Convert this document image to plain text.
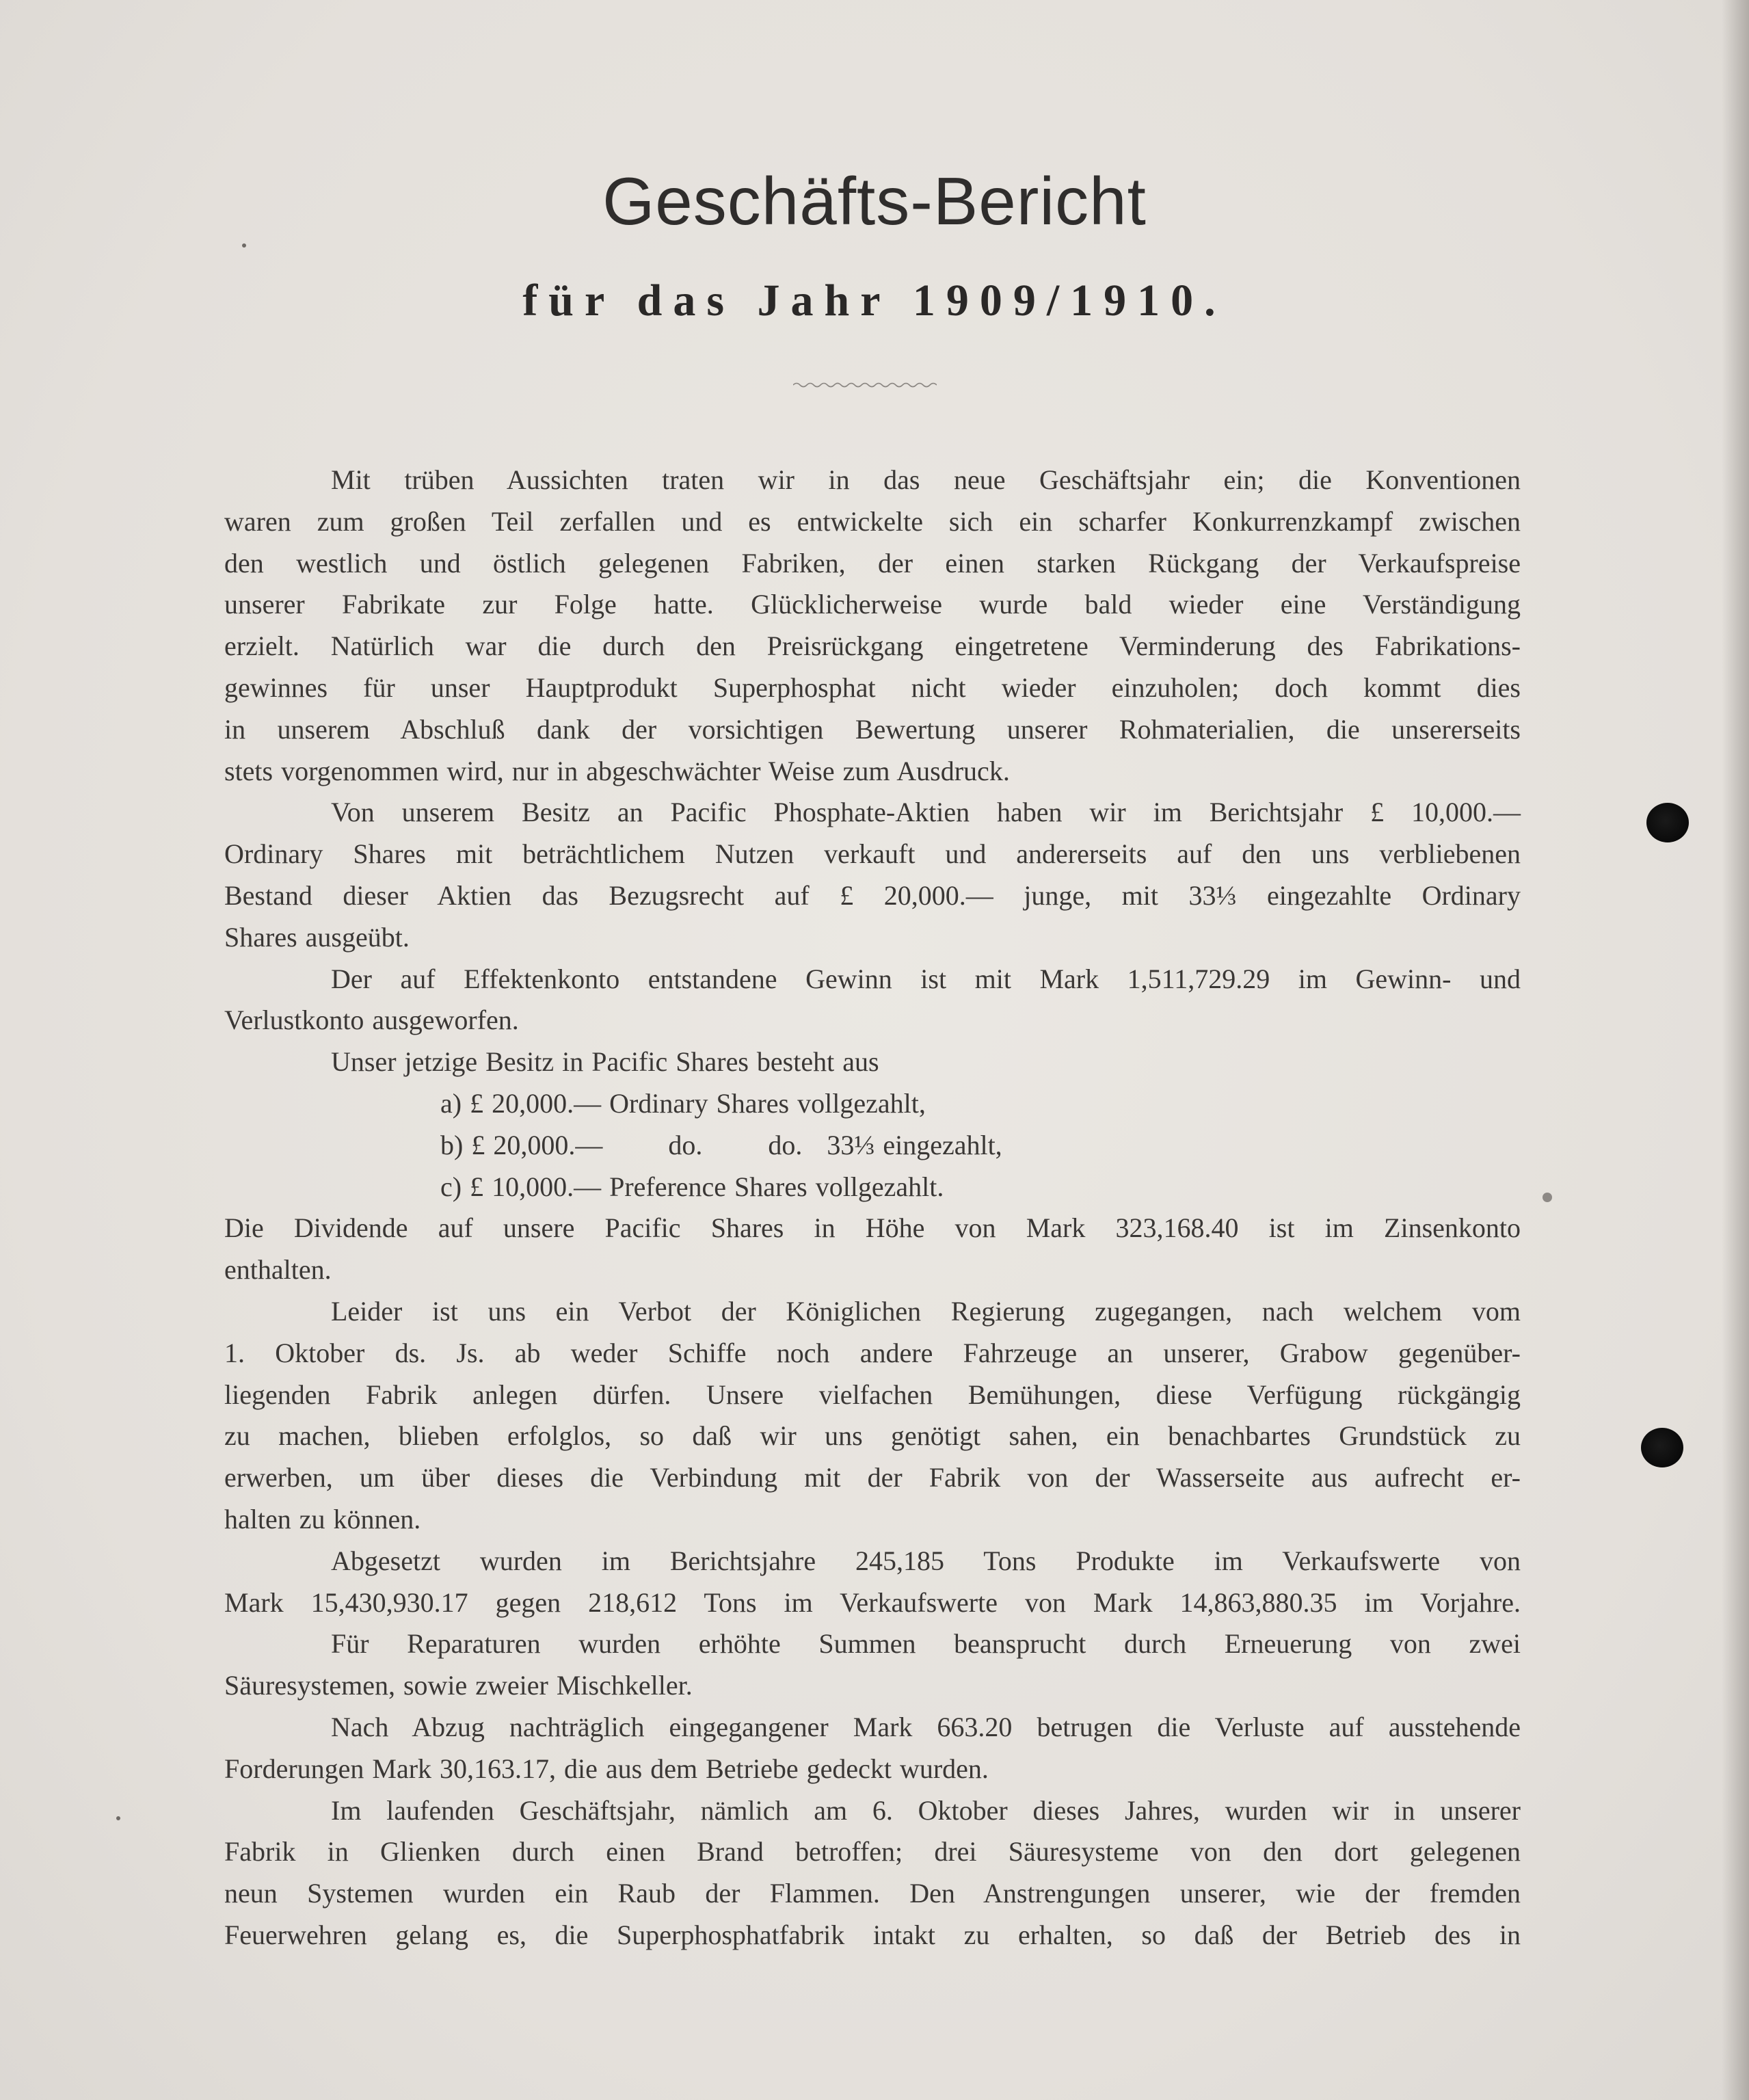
Geschäfts-Bericht
für das Jahr 1909/1910.
Mit trüben Aussichten traten wir in das neue Geschäftsjahr ein; die Konventionen
waren zum großen Teil zerfallen und es entwickelte sich ein scharfer Konkurrenzkampf zwischen
den westlich und östlich gelegenen Fabriken, der einen starken Rückgang der Verkaufspreise
unserer Fabrikate zur Folge hatte. Glücklicherweise wurde bald wieder eine Verständigung
erzielt. Natürlich war die durch den Preisrückgang eingetretene Verminderung des Fabrikations-
gewinnes für unser Hauptprodukt Superphosphat nicht wieder einzuholen; doch kommt dies
in unserem Abschluß dank der vorsichtigen Bewertung unserer Rohmaterialien, die unsererseits
stets vorgenommen wird, nur in abgeschwächter Weise zum Ausdruck.
Von unserem Besitz an Pacific Phosphate-Aktien haben wir im Berichtsjahr £ 10,000.—
Ordinary Shares mit beträchtlichem Nutzen verkauft und andererseits auf den uns verbliebenen
Bestand dieser Aktien das Bezugsrecht auf £ 20,000.— junge, mit 33⅓ eingezahlte Ordinary
Shares ausgeübt.
Der auf Effektenkonto entstandene Gewinn ist mit Mark 1,511,729.29 im Gewinn- und
Verlustkonto ausgeworfen.
Unser jetzige Besitz in Pacific Shares besteht aus
a) £ 20,000.— Ordinary Shares vollgezahlt,
b) £ 20,000.—        do.        do.   33⅓ eingezahlt,
c) £ 10,000.— Preference Shares vollgezahlt.
Die Dividende auf unsere Pacific Shares in Höhe von Mark 323,168.40 ist im Zinsenkonto
enthalten.
Leider ist uns ein Verbot der Königlichen Regierung zugegangen, nach welchem vom
1. Oktober ds. Js. ab weder Schiffe noch andere Fahrzeuge an unserer, Grabow gegenüber-
liegenden Fabrik anlegen dürfen. Unsere vielfachen Bemühungen, diese Verfügung rückgängig
zu machen, blieben erfolglos, so daß wir uns genötigt sahen, ein benachbartes Grundstück zu
erwerben, um über dieses die Verbindung mit der Fabrik von der Wasserseite aus aufrecht er-
halten zu können.
Abgesetzt wurden im Berichtsjahre 245,185 Tons Produkte im Verkaufswerte von
Mark 15,430,930.17 gegen 218,612 Tons im Verkaufswerte von Mark 14,863,880.35 im Vorjahre.
Für Reparaturen wurden erhöhte Summen beansprucht durch Erneuerung von zwei
Säuresystemen, sowie zweier Mischkeller.
Nach Abzug nachträglich eingegangener Mark 663.20 betrugen die Verluste auf ausstehende
Forderungen Mark 30,163.17, die aus dem Betriebe gedeckt wurden.
Im laufenden Geschäftsjahr, nämlich am 6. Oktober dieses Jahres, wurden wir in unserer
Fabrik in Glienken durch einen Brand betroffen; drei Säuresysteme von den dort gelegenen
neun Systemen wurden ein Raub der Flammen. Den Anstrengungen unserer, wie der fremden
Feuerwehren gelang es, die Superphosphatfabrik intakt zu erhalten, so daß der Betrieb des in
